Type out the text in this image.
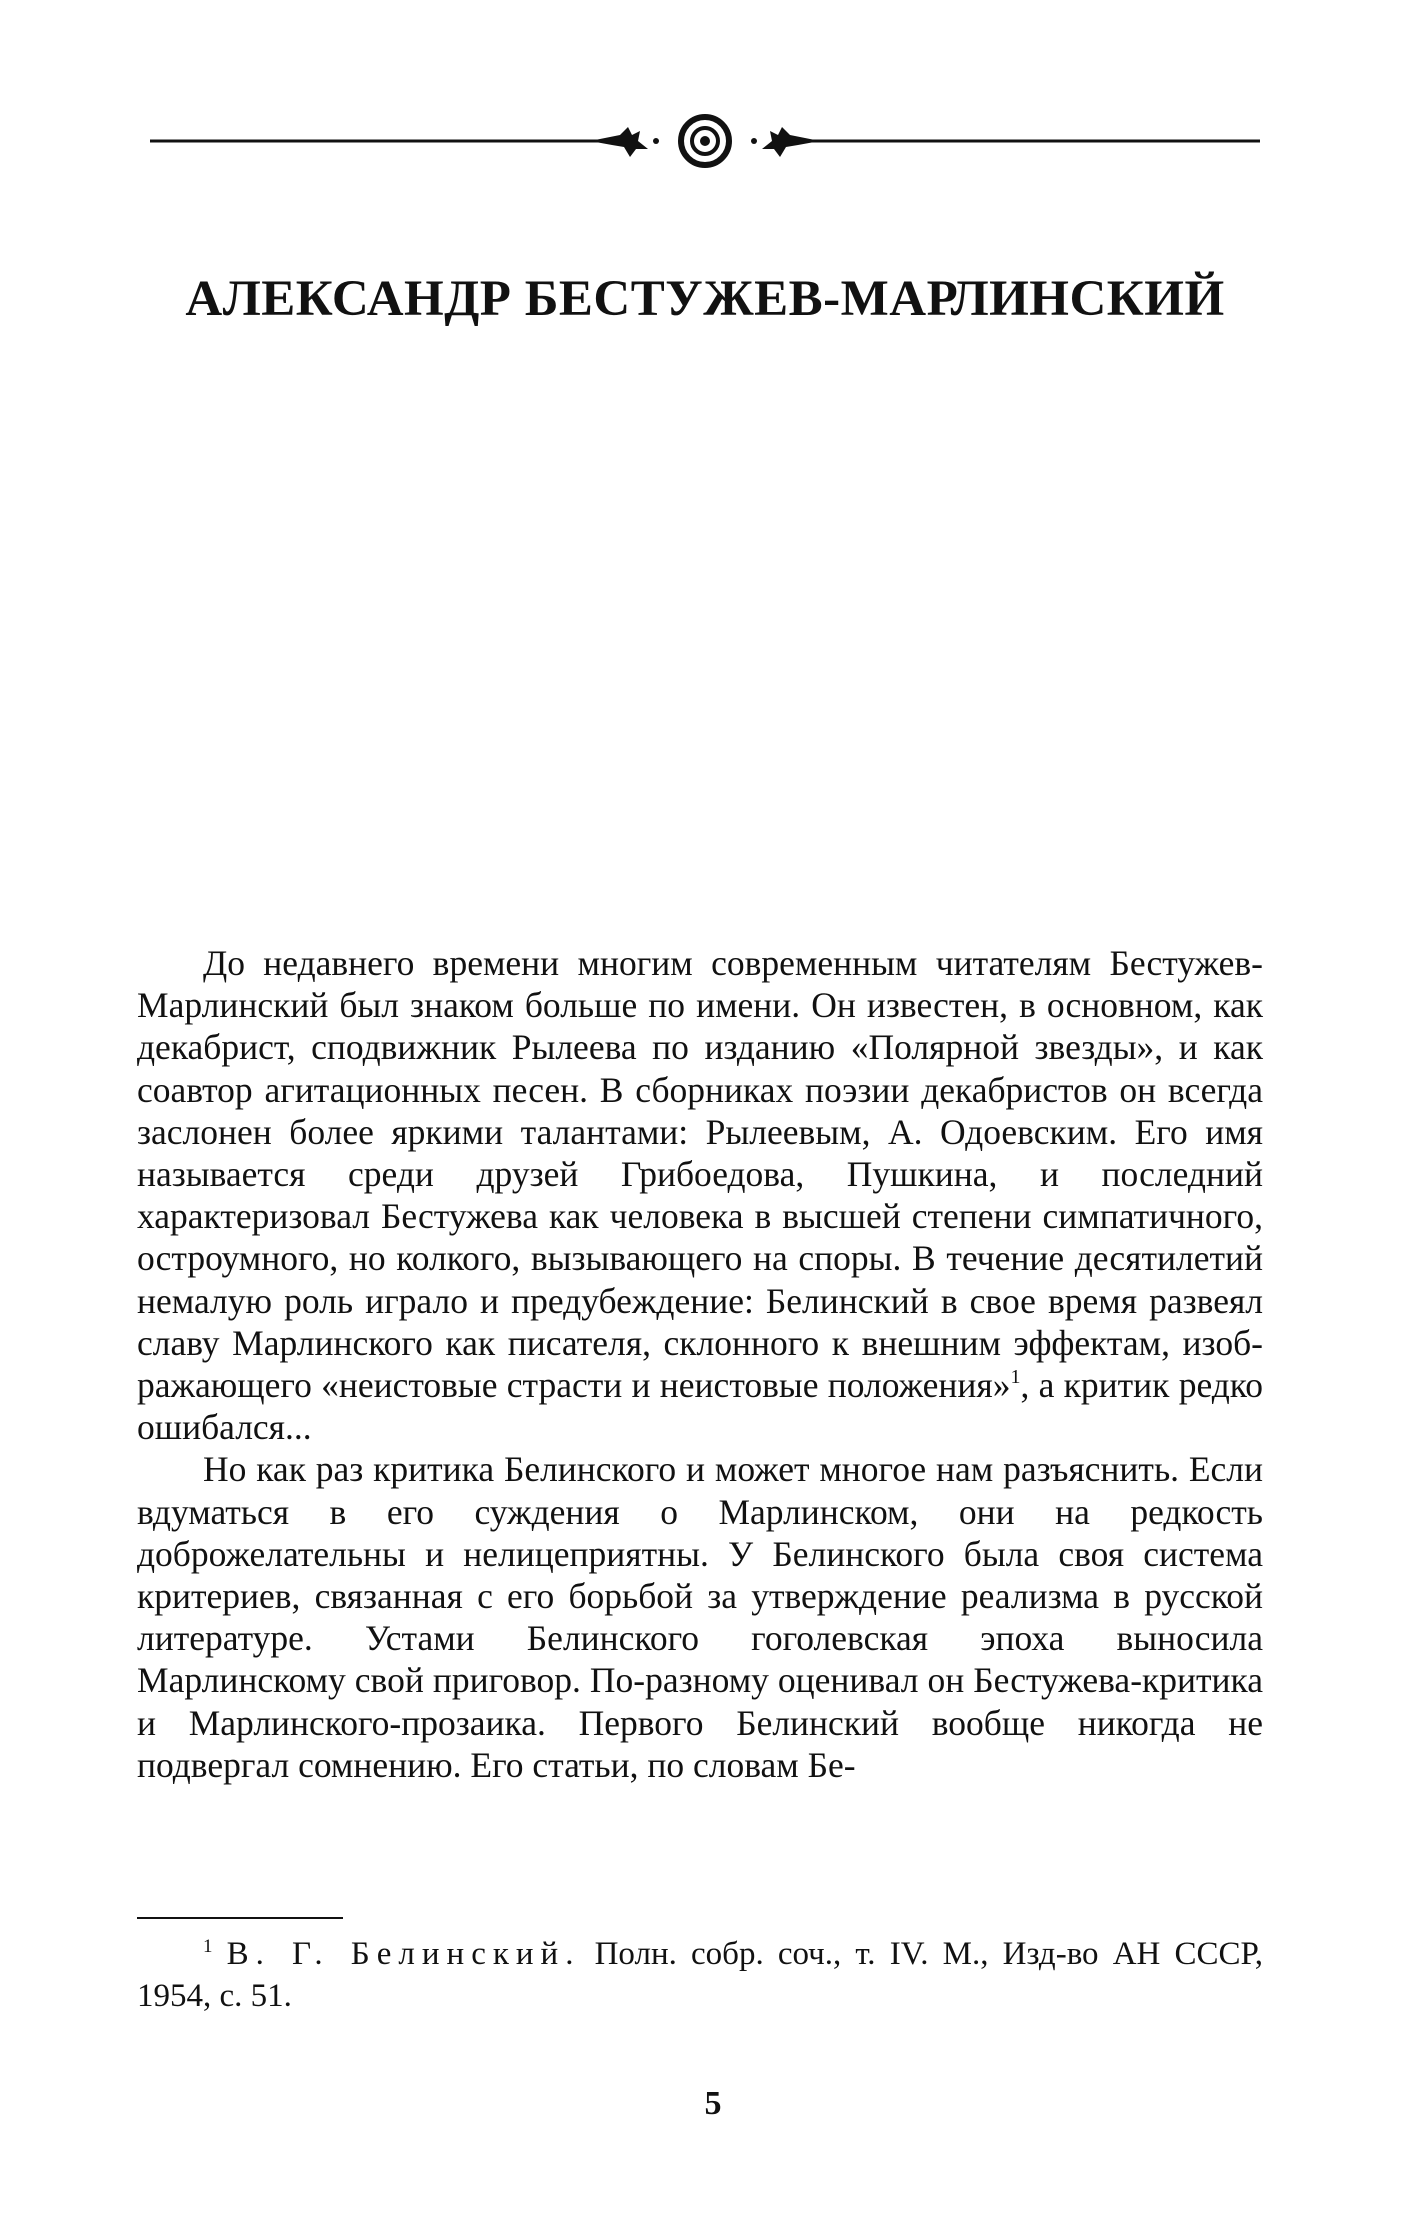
АЛЕКСАНДР БЕСТУЖЕВ-МАРЛИНСКИЙ

До недавнего времени многим современным читателям Бестужев-Марлинский был знаком больше по имени. Он известен, в основном, как декабрист, сподвижник Рылеева по изданию «Полярной звезды», и как соавтор агитационных песен. В сборниках поэзии декабристов он всегда заслонен более яркими талантами: Рылеевым, А. Одоевским. Его имя называется среди друзей Грибоедова, Пушкина, и последний характеризовал Бестужева как человека в высшей степени симпатичного, остроумного, но колкого, вызывающего на споры. В течение десятилетий немалую роль играло и предубеждение: Белинский в свое время развеял славу Марлинского как писателя, склонного к внешним эффектам, изображающего «неистовые страсти и неистовые положения»$^1$, а критик редко ошибался...

Но как раз критика Белинского и может многое нам разъяснить. Если вдуматься в его суждения о Марлинском, они на редкость доброжелательны и нелицеприятны. У Белинского была своя система критериев, связанная с его борьбой за утверждение реализма в русской литературе. Устами Белинского гоголевская эпоха выносила Марлинскому свой приговор. По-разному оценивал он Бестужева-критика и Марлинского-прозаика. Первого Белинский вообще никогда не подвергал сомнению. Его статьи, по словам Бе-

$^1$ В. Г. Белинский. Полн. собр. соч., т. IV. М., Изд-во АН СССР, 1954, с. 51.

5
